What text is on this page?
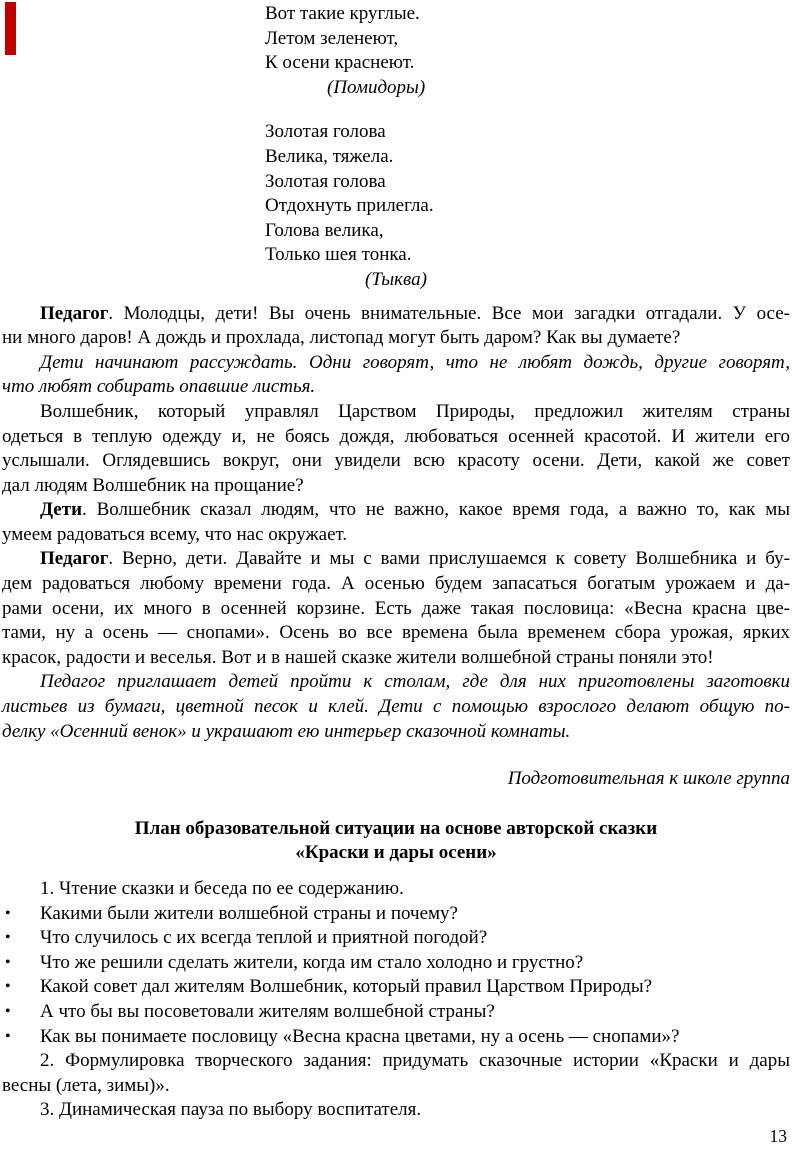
Вот такие круглые.
Летом зеленеют,
К осени краснеют.
(Помидоры)
Золотая голова
Велика, тяжела.
Золотая голова
Отдохнуть прилегла.
Голова велика,
Только шея тонка.
(Тыква)
Педагог. Молодцы, дети! Вы очень внимательные. Все мои загадки отгадали. У осе-
ни много даров! А дождь и прохлада, листопад могут быть даром? Как вы думаете?
Дети начинают рассуждать. Одни говорят, что не любят дождь, другие говорят,
что любят собирать опавшие листья.
Волшебник, который управлял Царством Природы, предложил жителям страны
одеться в теплую одежду и, не боясь дождя, любоваться осенней красотой. И жители его
услышали. Оглядевшись вокруг, они увидели всю красоту осени. Дети, какой же совет
дал людям Волшебник на прощание?
Дети. Волшебник сказал людям, что не важно, какое время года, а важно то, как мы
умеем радоваться всему, что нас окружает.
Педагог. Верно, дети. Давайте и мы с вами прислушаемся к совету Волшебника и бу-
дем радоваться любому времени года. А осенью будем запасаться богатым урожаем и да-
рами осени, их много в осенней корзине. Есть даже такая пословица: «Весна красна цве-
тами, ну а осень — снопами». Осень во все времена была временем сбора урожая, ярких
красок, радости и веселья. Вот и в нашей сказке жители волшебной страны поняли это!
Педагог приглашает детей пройти к столам, где для них приготовлены заготовки
листьев из бумаги, цветной песок и клей. Дети с помощью взрослого делают общую по-
делку «Осенний венок» и украшают ею интерьер сказочной комнаты.
Подготовительная к школе группа
План образовательной ситуации на основе авторской сказки
«Краски и дары осени»
1. Чтение сказки и беседа по ее содержанию.
• Какими были жители волшебной страны и почему?
• Что случилось с их всегда теплой и приятной погодой?
• Что же решили сделать жители, когда им стало холодно и грустно?
• Какой совет дал жителям Волшебник, который правил Царством Природы?
• А что бы вы посоветовали жителям волшебной страны?
• Как вы понимаете пословицу «Весна красна цветами, ну а осень — снопами»?
2. Формулировка творческого задания: придумать сказочные истории «Краски и дары
весны (лета, зимы)».
3. Динамическая пауза по выбору воспитателя.
13
